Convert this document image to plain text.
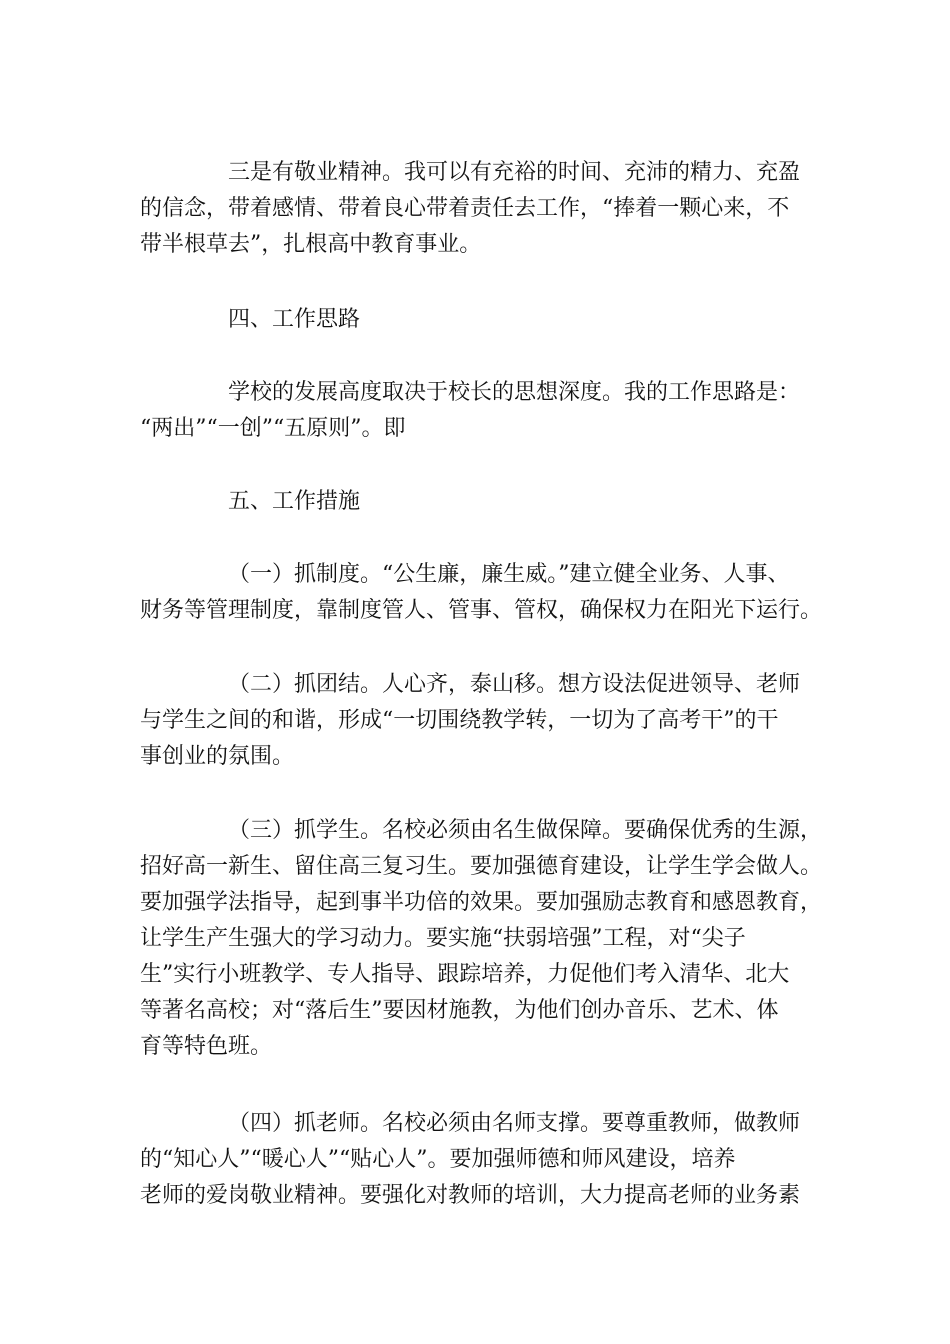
三是有敬业精神。我可以有充裕的时间、充沛的精力、充盈
的信念，带着感情、带着良心带着责任去工作，“捧着一颗心来，不
带半根草去”，扎根高中教育事业。
四、工作思路
学校的发展高度取决于校长的思想深度。我的工作思路是：
“两出”“一创”“五原则”。即
五、工作措施
（一）抓制度。“公生廉，廉生威。”建立健全业务、人事、
财务等管理制度，靠制度管人、管事、管权，确保权力在阳光下运行。
（二）抓团结。人心齐，泰山移。想方设法促进领导、老师
与学生之间的和谐，形成“一切围绕教学转，一切为了高考干”的干
事创业的氛围。
（三）抓学生。名校必须由名生做保障。要确保优秀的生源，
招好高一新生、留住高三复习生。要加强德育建设，让学生学会做人。
要加强学法指导，起到事半功倍的效果。要加强励志教育和感恩教育，
让学生产生强大的学习动力。要实施“扶弱培强”工程，对“尖子
生”实行小班教学、专人指导、跟踪培养，力促他们考入清华、北大
等著名高校；对“落后生”要因材施教，为他们创办音乐、艺术、体
育等特色班。
（四）抓老师。名校必须由名师支撑。要尊重教师，做教师
的“知心人”“暖心人”“贴心人”。要加强师德和师风建设，培养
老师的爱岗敬业精神。要强化对教师的培训，大力提高老师的业务素
